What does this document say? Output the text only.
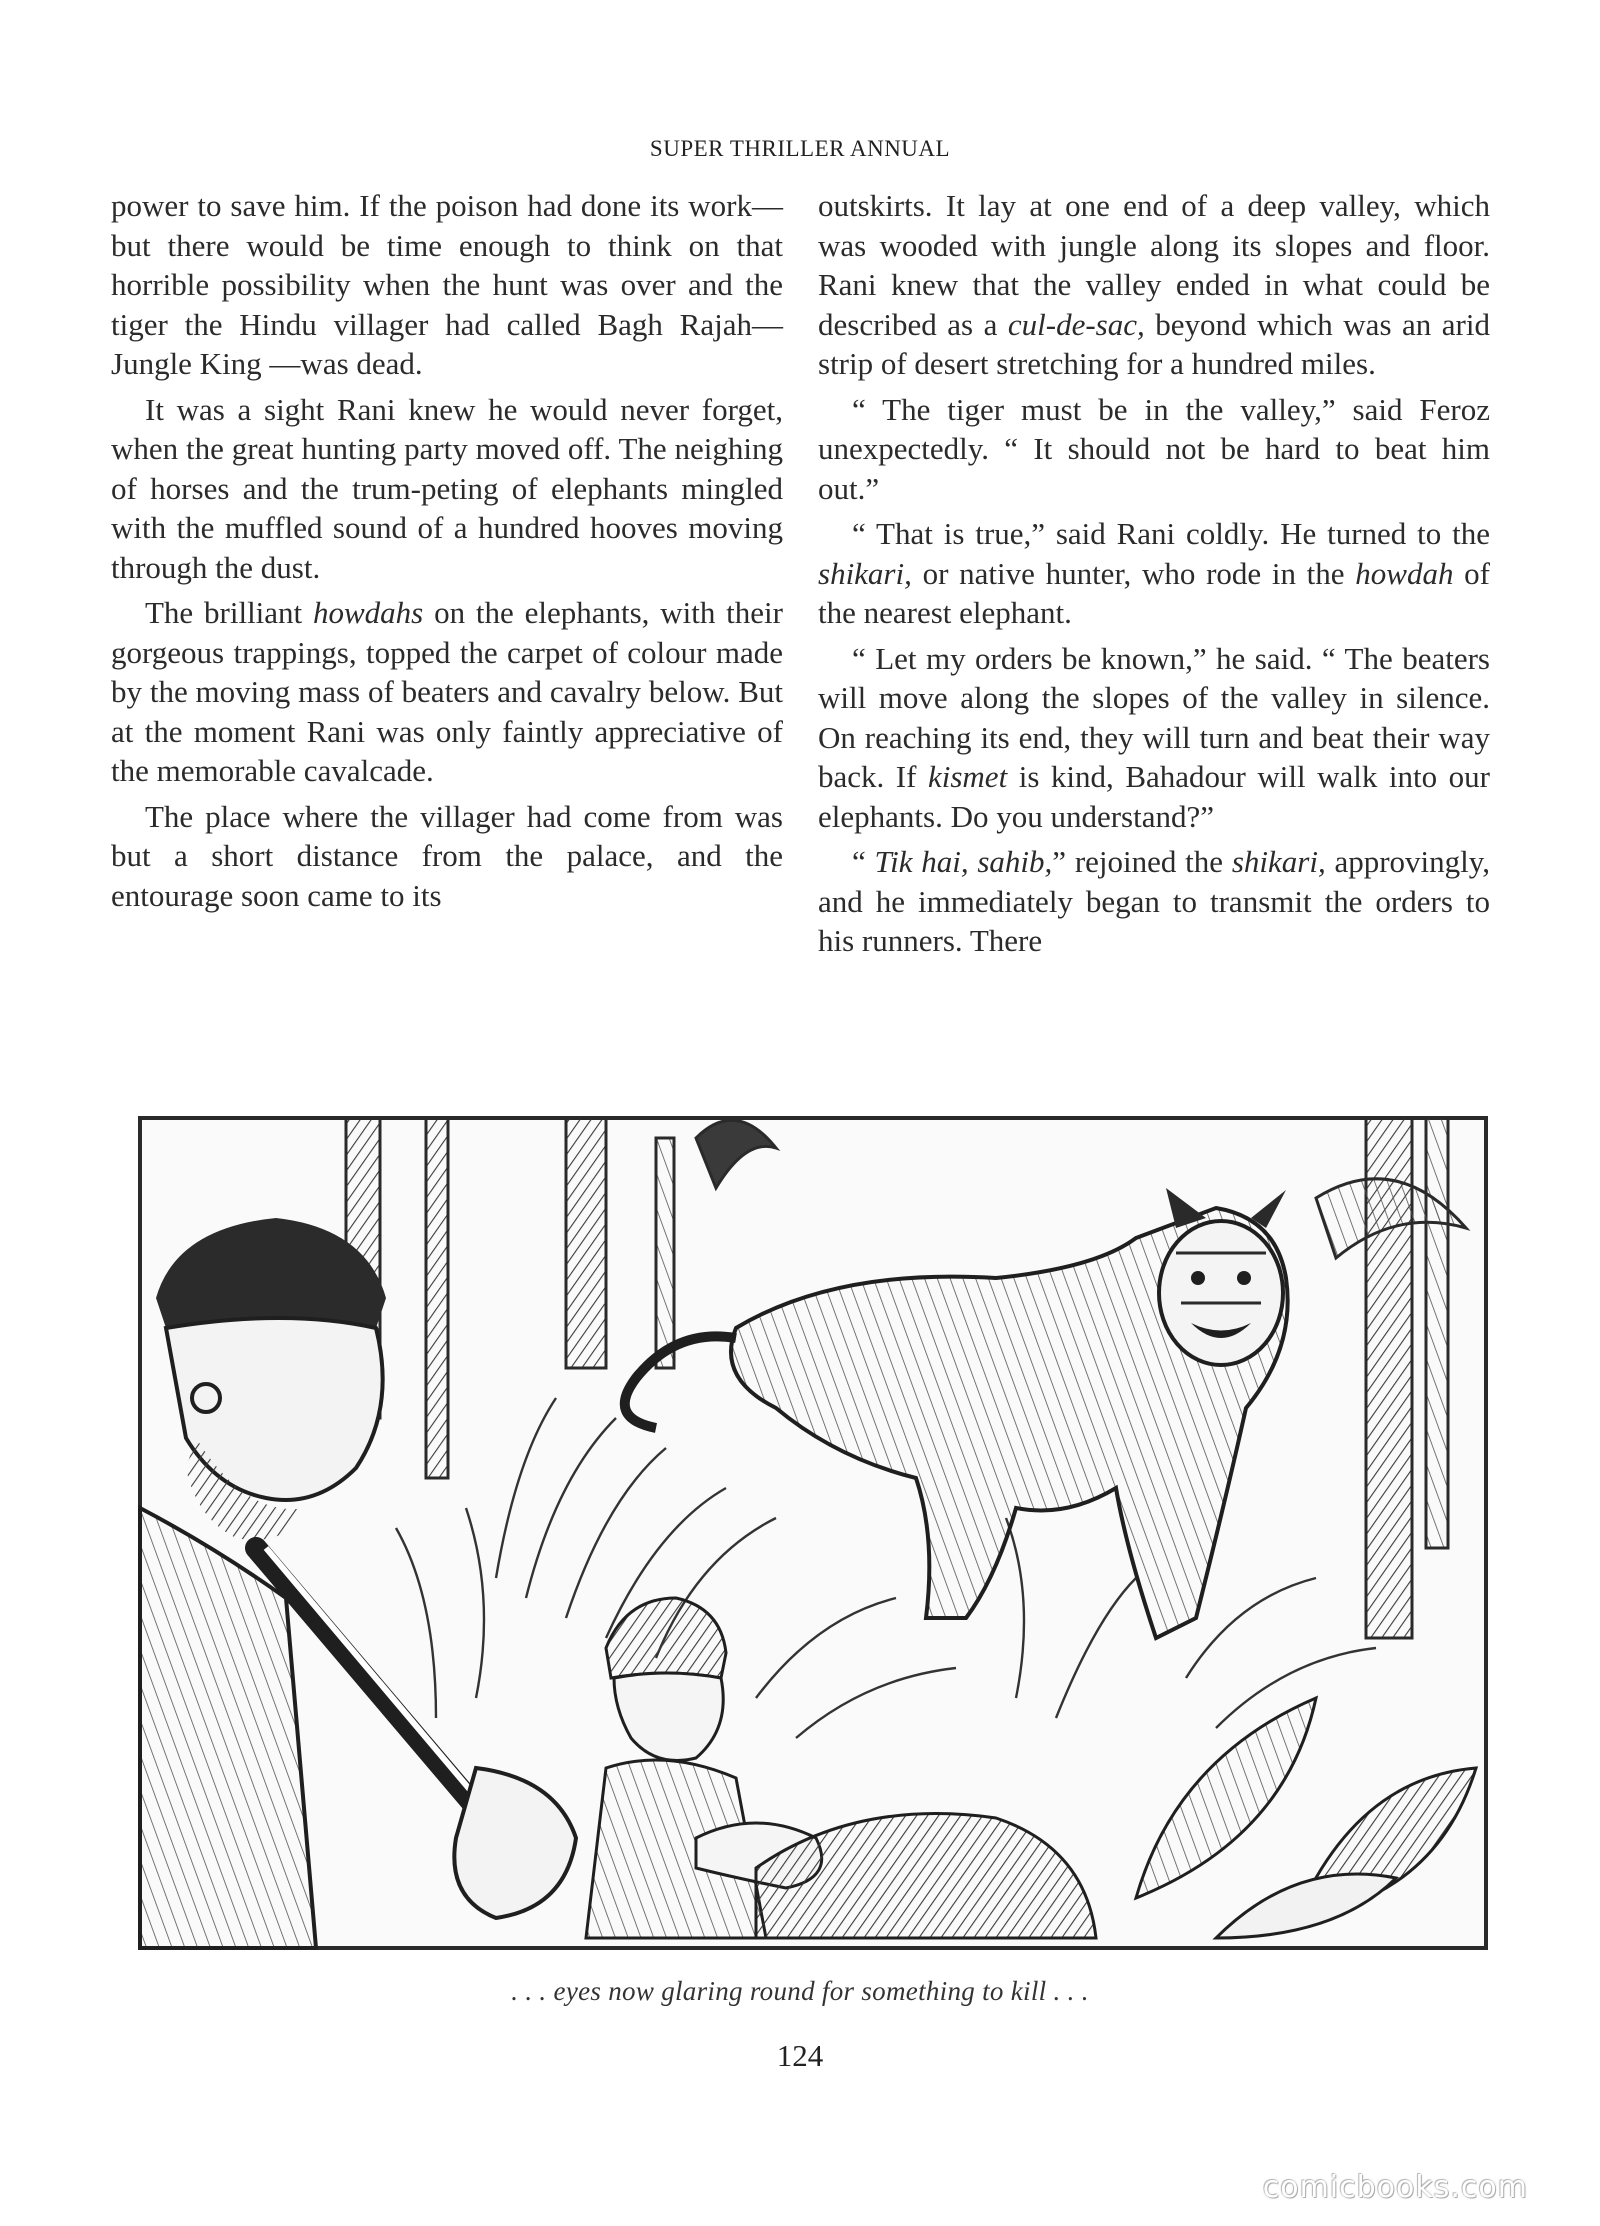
SUPER THRILLER ANNUAL

power to save him. If the poison had done its work—but there would be time enough to think on that horrible possibility when the hunt was over and the tiger the Hindu villager had called Bagh Rajah—Jungle King —was dead.

It was a sight Rani knew he would never forget, when the great hunting party moved off. The neighing of horses and the trum-peting of elephants mingled with the muffled sound of a hundred hooves moving through the dust.

The brilliant howdahs on the elephants, with their gorgeous trappings, topped the carpet of colour made by the moving mass of beaters and cavalry below. But at the moment Rani was only faintly appreciative of the memorable cavalcade.

The place where the villager had come from was but a short distance from the palace, and the entourage soon came to its

outskirts. It lay at one end of a deep valley, which was wooded with jungle along its slopes and floor. Rani knew that the valley ended in what could be described as a cul-de-sac, beyond which was an arid strip of desert stretching for a hundred miles.

“ The tiger must be in the valley,” said Feroz unexpectedly. “ It should not be hard to beat him out.”

“ That is true,” said Rani coldly. He turned to the shikari, or native hunter, who rode in the howdah of the nearest elephant.

“ Let my orders be known,” he said. “ The beaters will move along the slopes of the valley in silence. On reaching its end, they will turn and beat their way back. If kismet is kind, Bahadour will walk into our elephants. Do you understand?”

“ Tik hai, sahib,” rejoined the shikari, approvingly, and he immediately began to transmit the orders to his runners. There

. . . eyes now glaring round for something to kill . . .
124
comicbooks.com
